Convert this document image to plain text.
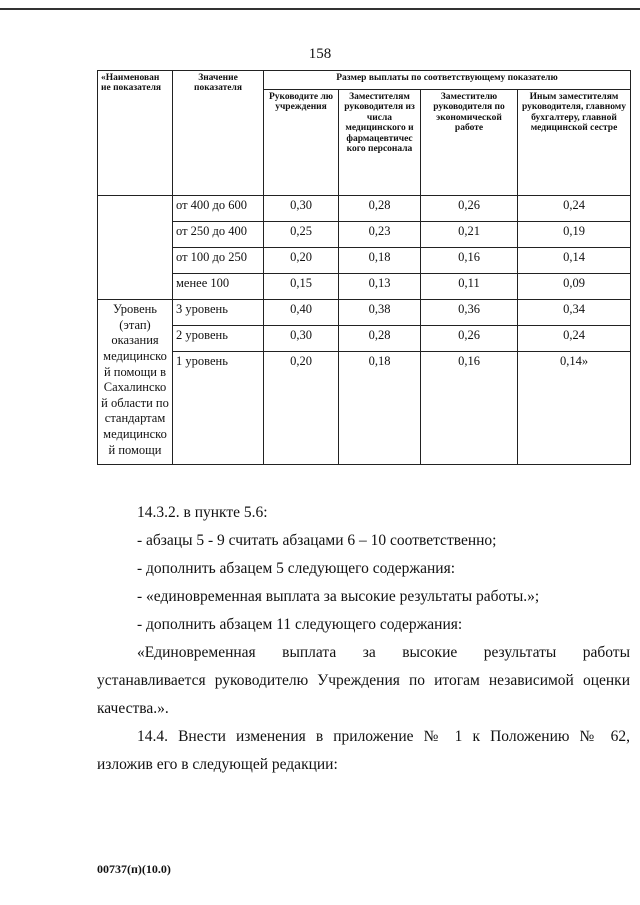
158
«Наименован ие показателя	Значение показателя	Размер выплаты по соответствующему показателю			
		Руководите лю учреждения	Заместителям руководителя из числа медицинского и фармацевтичес кого персонала	Заместителю руководителя по экономической работе	Иным заместителям руководителя, главному бухгалтеру, главной медицинской сестре
	от 400 до 600	0,30	0,28	0,26	0,24
	от 250 до 400	0,25	0,23	0,21	0,19
	от 100 до 250	0,20	0,18	0,16	0,14
	менее 100	0,15	0,13	0,11	0,09
Уровень (этап) оказания медицинско й помощи в Сахалинско й области по стандартам медицинско й помощи	3 уровень	0,40	0,38	0,36	0,34
	2 уровень	0,30	0,28	0,26	0,24
	1 уровень	0,20	0,18	0,16	0,14»
14.3.2. в пункте 5.6:
- абзацы 5 - 9 считать абзацами 6 – 10 соответственно;
- дополнить абзацем 5 следующего содержания:
- «единовременная выплата за высокие результаты работы.»;
- дополнить абзацем 11 следующего содержания:
«Единовременная выплата за высокие результаты работы
устанавливается руководителю Учреждения по итогам независимой оценки
качества.».
14.4. Внести изменения в приложение № 1 к Положению № 62,
изложив его в следующей редакции:
00737(п)(10.0)
